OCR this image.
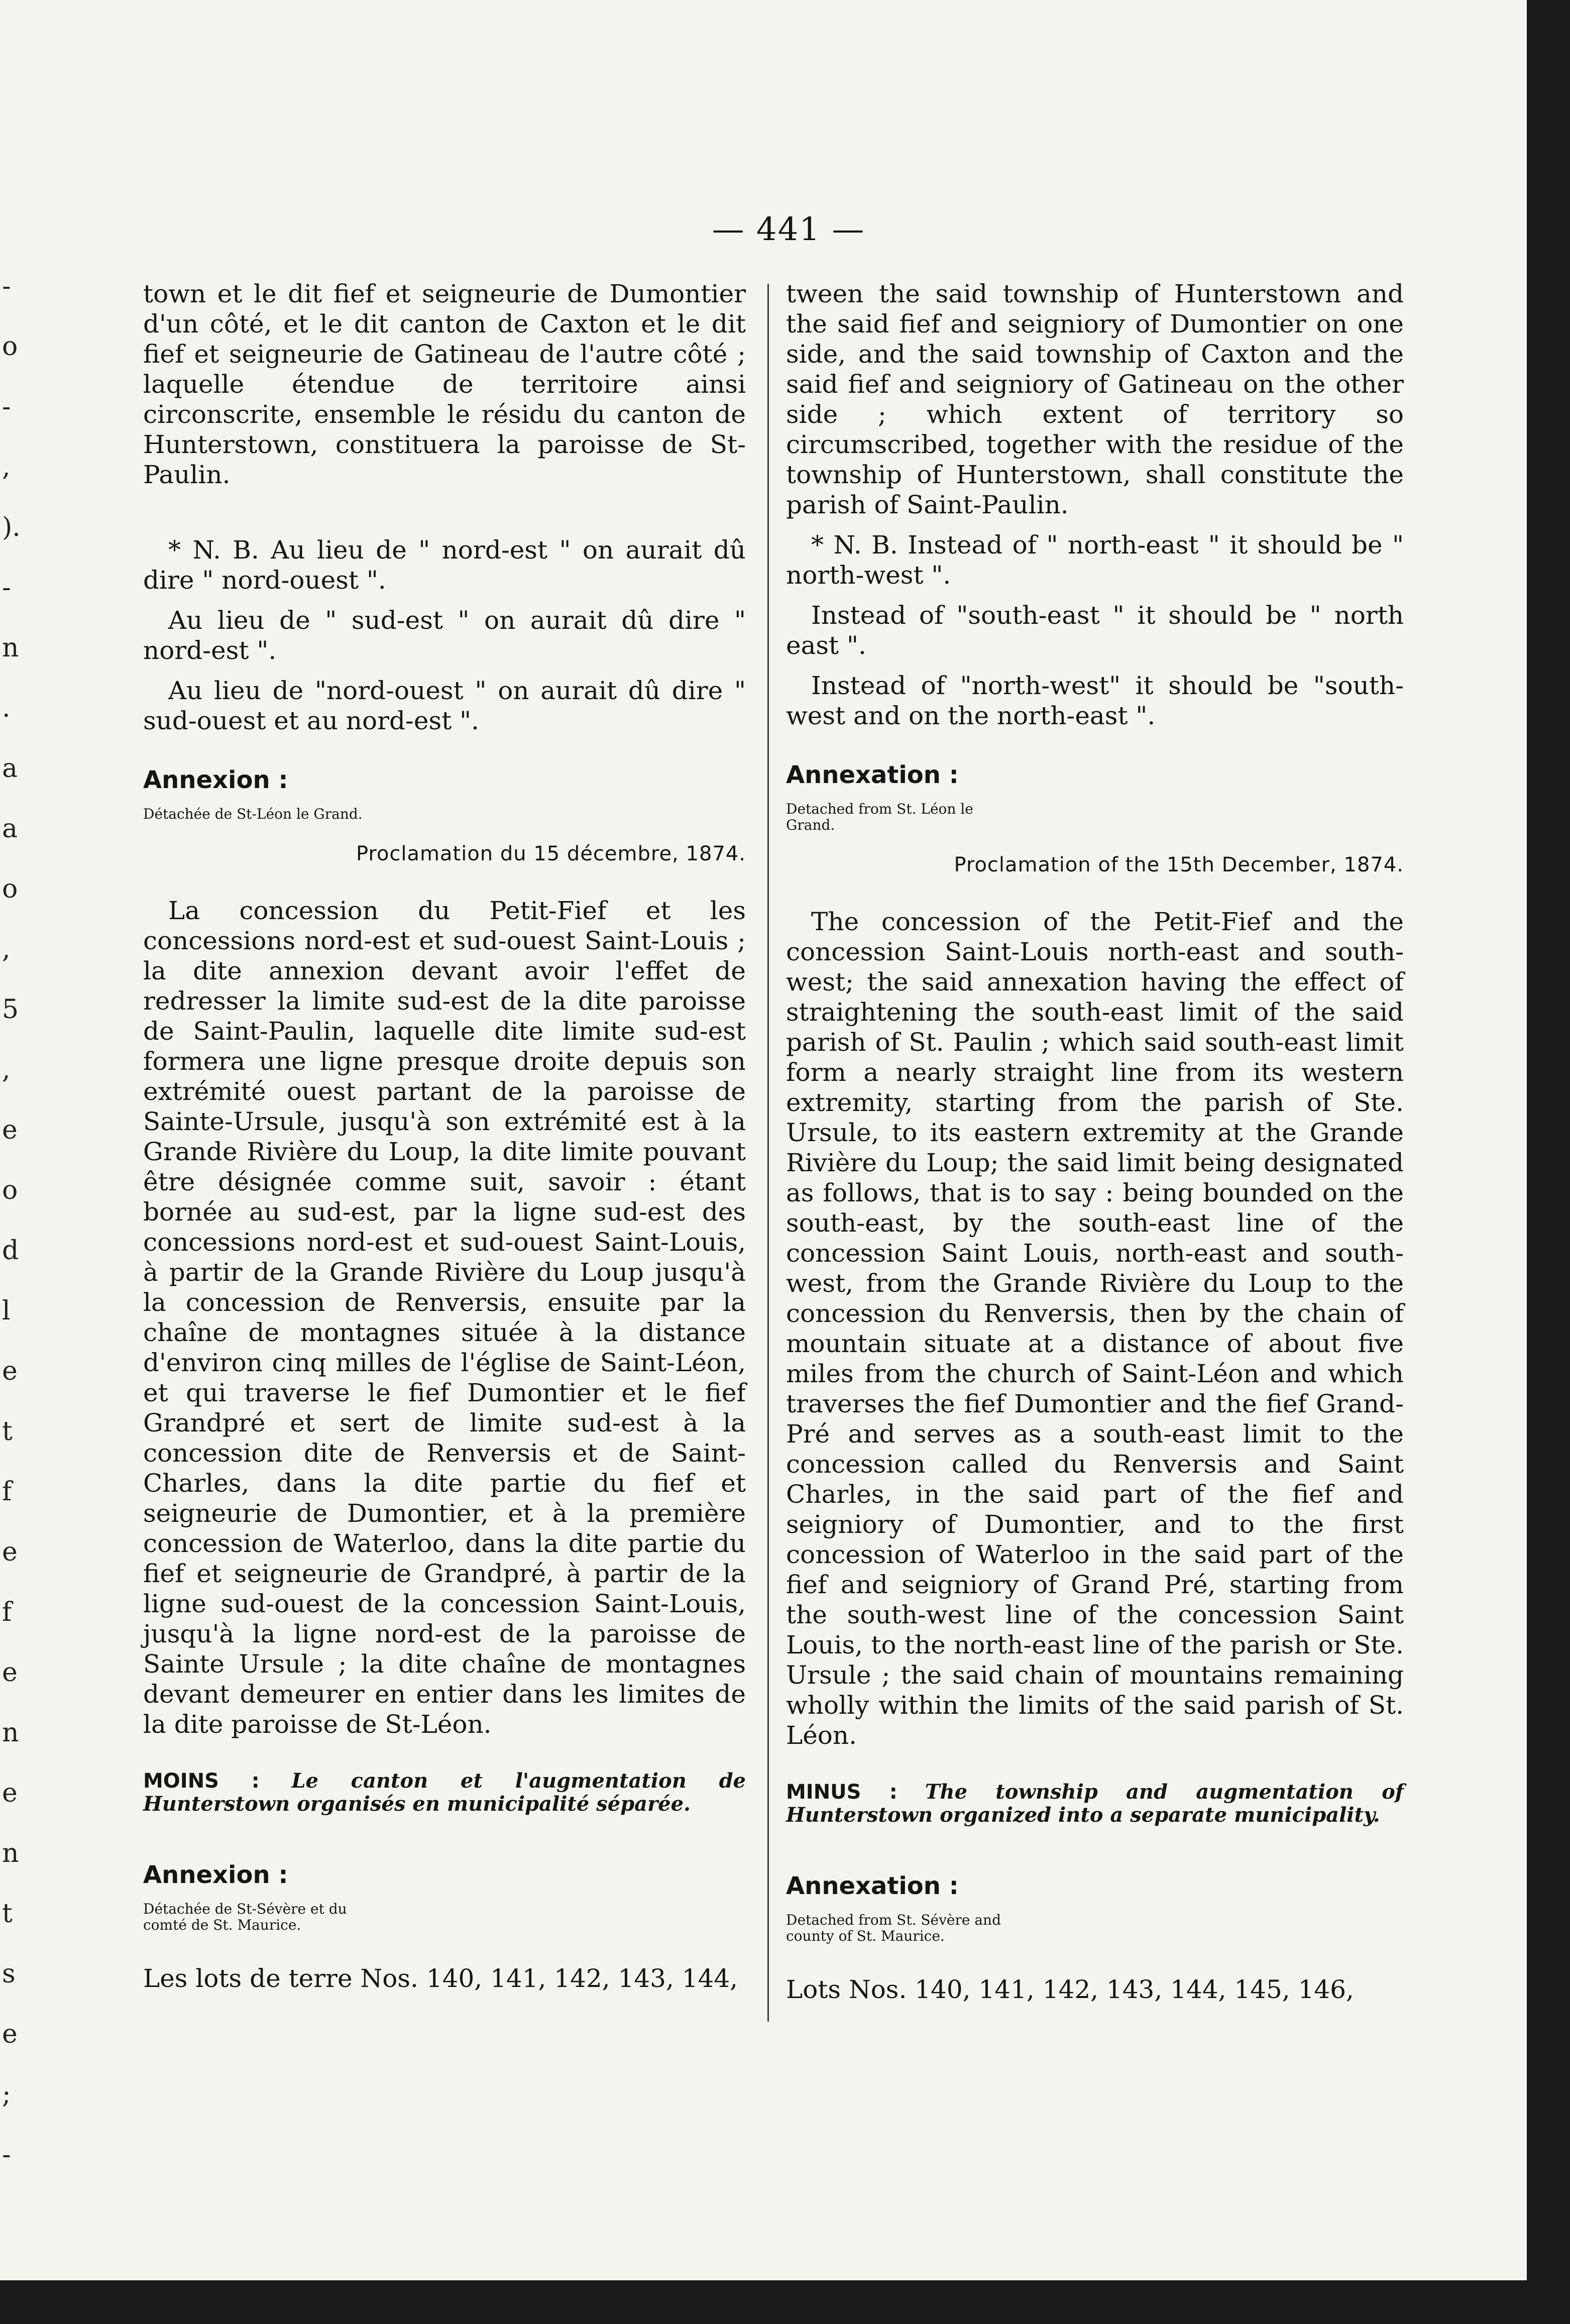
-
o
-
,
).
-
n
.
a
a
o
,
5
,
e
o
d
l
e
t
f
e
f
e
n
e
n
t
s
e
;
-
— 441 —

town et le dit fief et seigneurie de Dumontier d'un côté, et le dit canton de Caxton et le dit fief et seigneurie de Gatineau de l'autre côté ; laquelle étendue de territoire ainsi circonscrite, ensemble le résidu du canton de Hunterstown, constituera la paroisse de St-Paulin.

* N. B. Au lieu de " nord-est " on aurait dû dire " nord-ouest ".

Au lieu de " sud-est " on aurait dû dire " nord-est ".

Au lieu de "nord-ouest " on aurait dû dire " sud-ouest et au nord-est ".

Annexion :

Détachée de St-Léon le Grand.

Proclamation du 15 décembre, 1874.

La concession du Petit-Fief et les concessions nord-est et sud-ouest Saint-Louis ; la dite annexion devant avoir l'effet de redresser la limite sud-est de la dite paroisse de Saint-Paulin, laquelle dite limite sud-est formera une ligne presque droite depuis son extrémité ouest partant de la paroisse de Sainte-Ursule, jusqu'à son extrémité est à la Grande Rivière du Loup, la dite limite pouvant être désignée comme suit, savoir : étant bornée au sud-est, par la ligne sud-est des concessions nord-est et sud-ouest Saint-Louis, à partir de la Grande Rivière du Loup jusqu'à la concession de Renversis, ensuite par la chaîne de montagnes située à la distance d'environ cinq milles de l'église de Saint-Léon, et qui traverse le fief Dumontier et le fief Grandpré et sert de limite sud-est à la concession dite de Renversis et de Saint-Charles, dans la dite partie du fief et seigneurie de Dumontier, et à la première concession de Waterloo, dans la dite partie du fief et seigneurie de Grandpré, à partir de la ligne sud-ouest de la concession Saint-Louis, jusqu'à la ligne nord-est de la paroisse de Sainte Ursule ; la dite chaîne de montagnes devant demeurer en entier dans les limites de la dite paroisse de St-Léon.

MOINS : Le canton et l'augmentation de Hunterstown organisés en municipalité séparée.

Annexion :

Détachée de St-Sévère et du comté de St. Maurice.

Les lots de terre Nos. 140, 141, 142, 143, 144,

tween the said township of Hunterstown and the said fief and seigniory of Dumontier on one side, and the said township of Caxton and the said fief and seigniory of Gatineau on the other side ; which extent of territory so circumscribed, together with the residue of the township of Hunterstown, shall constitute the parish of Saint-Paulin.

* N. B. Instead of " north-east " it should be " north-west ".

Instead of "south-east " it should be " north east ".

Instead of "north-west" it should be "south-west and on the north-east ".

Annexation :

Detached from St. Léon le Grand.

Proclamation of the 15th December, 1874.

The concession of the Petit-Fief and the concession Saint-Louis north-east and south-west; the said annexation having the effect of straightening the south-east limit of the said parish of St. Paulin ; which said south-east limit form a nearly straight line from its western extremity, starting from the parish of Ste. Ursule, to its eastern extremity at the Grande Rivière du Loup; the said limit being designated as follows, that is to say : being bounded on the south-east, by the south-east line of the concession Saint Louis, north-east and south-west, from the Grande Rivière du Loup to the concession du Renversis, then by the chain of mountain situate at a distance of about five miles from the church of Saint-Léon and which traverses the fief Dumontier and the fief Grand-Pré and serves as a south-east limit to the concession called du Renversis and Saint Charles, in the said part of the fief and seigniory of Dumontier, and to the first concession of Waterloo in the said part of the fief and seigniory of Grand Pré, starting from the south-west line of the concession Saint Louis, to the north-east line of the parish or Ste. Ursule ; the said chain of mountains remaining wholly within the limits of the said parish of St. Léon.

MINUS : The township and augmentation of Hunterstown organized into a separate municipality.

Annexation :

Detached from St. Sévère and county of St. Maurice.

Lots Nos. 140, 141, 142, 143, 144, 145, 146,
